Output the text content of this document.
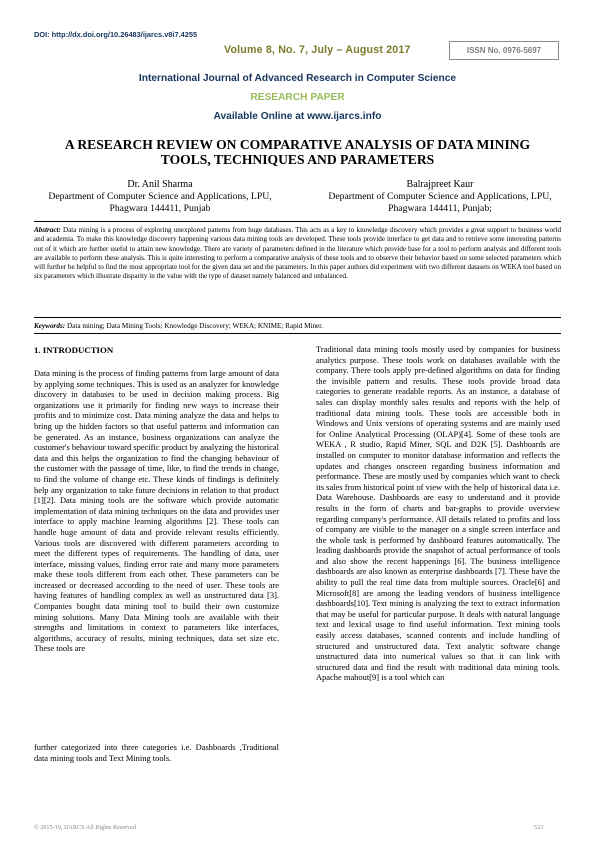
DOI: http://dx.doi.org/10.26483/ijarcs.v8i7.4255
Volume 8, No. 7, July – August 2017	ISSN No. 0976-5697
International Journal of Advanced Research in Computer Science
RESEARCH PAPER
Available Online at www.ijarcs.info
A RESEARCH REVIEW ON COMPARATIVE ANALYSIS OF DATA MINING TOOLS, TECHNIQUES AND PARAMETERS
Dr. Anil Sharma
Department of Computer Science and Applications, LPU, Phagwara 144411, Punjab
Balrajpreet Kaur
Department of Computer Science and Applications, LPU, Phagwara 144411, Punjab;
Abstract: Data mining is a process of exploring unexplored patterns from huge databases. This acts as a key to knowledge discovery which provides a great support to business world and academia. To make this knowledge discovery happening various data mining tools are developed. These tools provide interface to get data and to retrieve some interesting patterns out of it which are further useful to attain new knowledge. There are variety of parameters defined in the literature which provide base for a tool to perform analysis and different tools are available to perform these analysis. This is quite interesting to perform a comparative analysis of these tools and to observe their behavior based on some selected parameters which will further be helpful to find the most appropriate tool for the given data set and the parameters. In this paper authors did experiment with two different datasets on WEKA tool based on six parameters which illustrate disparity in the value with the type of dataset namely balanced and unbalanced.
Keywords: Data mining; Data Mining Tools; Knowledge Discovery; WEKA; KNIME; Rapid Miner.
1. INTRODUCTION
Data mining is the process of finding patterns from large amount of data by applying some techniques. This is used as an analyzer for knowledge discovery in databases to be used in decision making process. Big organizations use it primarily for finding new ways to increase their profits and to minimize cost. Data mining analyze the data and helps to bring up the hidden factors so that useful patterns and information can be generated. As an instance, business organizations can analyze the customer's behaviour toward specific product by analyzing the historical data and this helps the organization to find the changing behaviour of the customer with the passage of time, like, to find the trends in change, to find the volume of change etc. These kinds of findings is definitely help any organization to take future decisions in relation to that product [1][2]. Data mining tools are the software which provide automatic implementation of data mining techniques on the data and provides user interface to apply machine learning algorithms [2]. These tools can handle huge amount of data and provide relevant results efficiently. Various tools are discovered with different parameters according to meet the different types of requirements. The handling of data, user interface, missing values, finding error rate and many more parameters make these tools different from each other. These parameters can be increased or decreased according to the need of user. These tools are having features of handling complex as well as unstructured data [3]. Companies bought data mining tool to build their own customize mining solutions. Many Data Mining tools are available with their strengths and limitations in context to parameters like interfaces, algorithms, accuracy of results, mining techniques, data set size etc. These tools are
further categorized into three categories i.e. Dashboards ,Traditional data mining tools and Text Mining tools.
Traditional data mining tools mostly used by companies for business analytics purpose. These tools work on databases available with the company. There tools apply pre-defined algorithms on data for finding the invisible pattern and results. These tools provide broad data categories to generate readable reports. As an instance, a database of sales can display monthly sales results and reports with the help of traditional data mining tools. These tools are accessible both in Windows and Unix versions of operating systems and are mainly used for Online Analytical Processing (OLAP)[4]. Some of these tools are WEKA , R studio, Rapid Miner, SQL and D2K [5]. Dashboards are installed on computer to monitor database information and reflects the updates and changes onscreen regarding business information and performance. These are mostly used by companies which want to check its sales from historical point of view with the help of historical data i.e. Data Warehouse. Dashboards are easy to understand and it provide results in the form of charts and bar-graphs to provide overview regarding company's performance. All details related to profits and loss of company are visible to the manager on a single screen interface and the whole task is performed by dashboard features automatically. The leading dashboards provide the snapshot of actual performance of tools and also show the recent happenings [6]. The business intelligence dashboards are also known as enterprise dashboards [7]. These have the ability to pull the real time data from multiple sources. Oracle[6] and Microsoft[8] are among the leading vendors of business intelligence dashboards[10]. Text mining is analyzing the text to extract information that may be useful for particular purpose. It deals with natural language text and lexical usage to find useful information. Text mining tools easily access databases, scanned contents and include handling of structured and unstructured data. Text analytic software change unstructured data into numerical values so that it can link with structured data and find the result with traditional data mining tools. Apache mahout[9] is a tool which can
© 2015-19, IJARCS All Rights Reserved	523
